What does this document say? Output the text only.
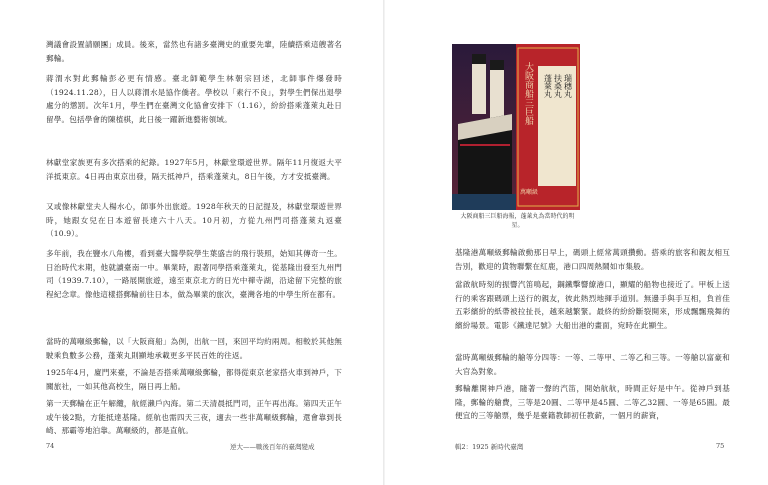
灣議會設置請願團」成員。後來，當然也有諸多臺灣史的重要先輩，陸續搭乘這艘著名郵輪。

蔣渭水對此郵輪彭必更有情感。臺北師範學生林朝宗回述，北師事件爆發時（1924.11.28），日人以蔣渭水是協作僑者。學校以「素行不良」，對學生們保出退學處分的懲罰。次年1月，學生們在臺灣文化協會安排下（1.16），紛紛搭乘蓬萊丸赴日留學。包括學會的陳植棋，此日後一躍新進藝術領域。

林獻堂家族更有多次搭乘的紀錄。1927年5月，林獻堂環遊世界。隔年11月復返大平洋抵東京。4日再由東京出發，隔天抵神戶，搭乘蓬萊丸，8日午後，方才安抵臺灣。

又或像林獻堂夫人楊水心，師事外出旅遊。1928年秋天的日記提及，林獻堂環遊世界時，她跟女兒在日本遊留長達六十八天。10月初，方從九州門司搭蓬萊丸返臺（10.9）。

多年前，我在鹽水八角樓，看到臺大醫學院學生葉盛吉的飛行裝照，始知其傳奇一生。日治時代末期，他就讀臺南一中。畢業時，跟著同學搭乘蓬萊丸，從基隆出發至九州門司（1939.7.10），一路展開旅遊，遠至東京北方的日光中禪寺湖，沿途留下完整的旅程紀念章。像他這樣搭郵輪前往日本，做為畢業的旅次，臺灣各地的中學生所在都有。

當時的萬噸級郵輪，以「大阪商船」為例，出航一回，來回平均約兩周。相較於其他無駛乘負數多公務，蓬萊丸則顯地承載更多平民百姓的往返。

1925年4月，廈門來臺，不論是否搭乘萬噸級郵輪，都得從東京老家搭火車到神戶，下關旅社，一如其他高校生，隔日再上船。

第一天郵輪在正午解纜，航經瀨戶內海。第二天清晨抵門司，正午再出海。第四天正午或午後2點，方能抵達基隆。經航也需四天三夜，適去一些非萬噸級郵輪，還會靠到長崎、那霸等地泊靠。萬噸級的，都是直航。

74	逆大——戰後百年的臺灣變成
大阪商船三巨船 蓬萊丸 扶桑丸 瑞穗丸
萬噸級
大阪商船三巨船海報，蓬萊丸為當時代的明星。

基隆港萬噸級郵輪啟動那日早上，碼頭上經常萬頭攢動。搭乘的旅客和親友相互告別，歡迎的貨物聯繫在紅鹿，港口四周熱鬧如市集般。

當啟航時刻的振響汽笛鳴起，鋼鐵擊響繚港口，顯耀的船物也接近了。甲板上送行的乘客跟碼頭上送行的親友，彼此熱烈地揮手道別。無邊手與手互相，負首佳五彩繽紛的紙帶被拉扯長，越來越繁緊。最終的紛紛斷裂開來，形成飄飄飛舞的繽紛場景。電影《鐵達尼號》大船出港的畫面，宛時在此顯生。

當時萬噸級郵輪的艙等分四等：一等、二等甲、二等乙和三等。一等艙以富豪和大官為對象。

郵輪離開神戶港，隨著一聲的汽笛，開始航航，時間正好是中午。從神戶到基隆，郵輪的艙費，三等是20圓、二等甲是45圓、二等乙32圓、一等是65圓。最便宜的三等艙票，幾乎是臺籍教師初任教薪，一個月的薪資，

輯2：1925 新時代臺灣	75
